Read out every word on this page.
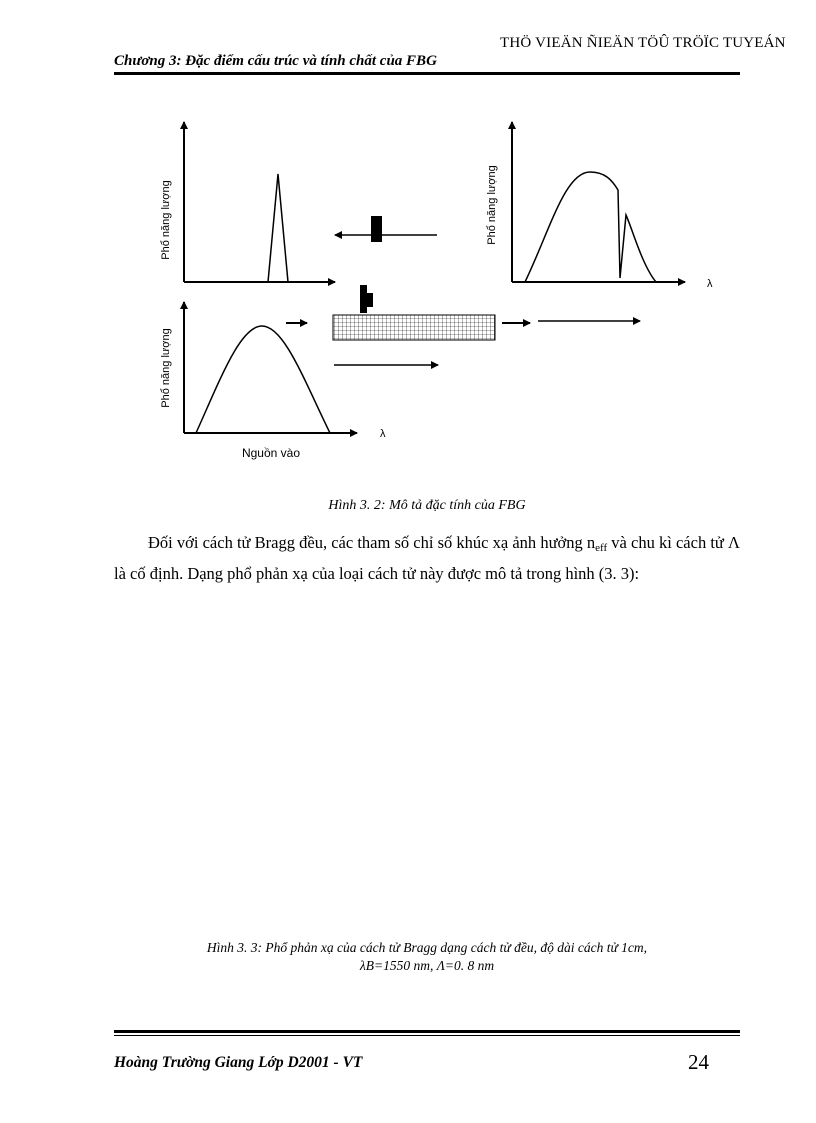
THÖ VIEÄN ÑIEÄN TÖÛ TRÖÏC TUYEÁN
Chương 3: Đặc điểm cấu trúc và tính chất của FBG
Phổ năng lượng	Phổ năng lượng
λ
Phổ năng lượng
λ
Nguồn vào
Hình 3. 2: Mô tả đặc tính của FBG

Đối với cách tử Bragg đều, các tham số chỉ số khúc xạ ảnh hưởng $n_{eff}$ và chu kì cách tử Λ là cố định. Dạng phổ phản xạ của loại cách tử này được mô tả trong hình (3. 3):

Hình 3. 3: Phổ phản xạ của cách tử Bragg dạng cách tử đều, độ dài cách tử 1cm,
λB=1550 nm, Λ=0. 8 nm
Hoàng Trường Giang Lớp D2001 - VT	24
